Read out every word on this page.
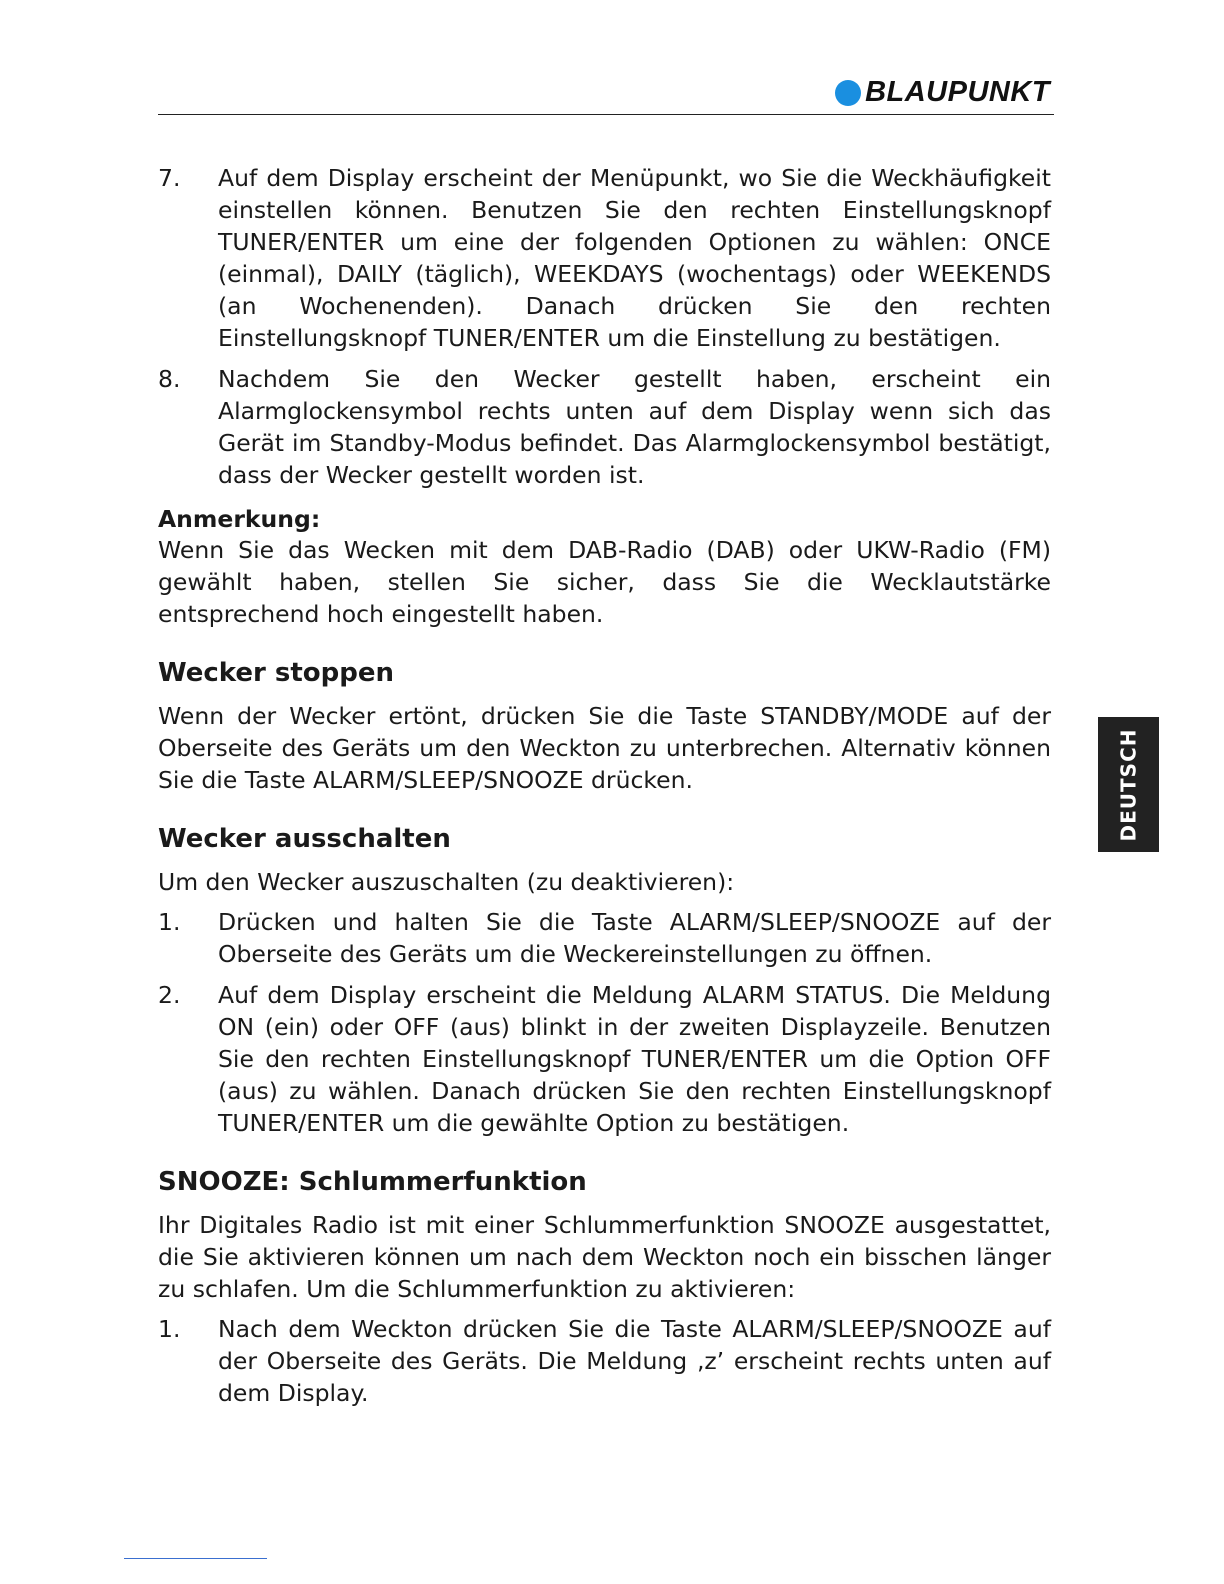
BLAUPUNKT
DEUTSCH
7.	Auf dem Display erscheint der Menüpunkt, wo Sie die Weckhäufigkeit einstellen können. Benutzen Sie den rechten Einstellungsknopf TUNER/ENTER um eine der folgenden Optionen zu wählen: ONCE (einmal), DAILY (täglich), WEEKDAYS (wochentags) oder WEEKENDS (an Wochenenden). Danach drücken Sie den rechten Einstellungsknopf TUNER/ENTER um die Einstellung zu bestätigen.
8.	Nachdem Sie den Wecker gestellt haben, erscheint ein Alarmglockensymbol rechts unten auf dem Display wenn sich das Gerät im Standby-Modus befindet. Das Alarmglockensymbol bestätigt, dass der Wecker gestellt worden ist.
Anmerkung:
Wenn Sie das Wecken mit dem DAB-Radio (DAB) oder UKW-Radio (FM) gewählt haben, stellen Sie sicher, dass Sie die Wecklautstärke entsprechend hoch eingestellt haben.
Wecker stoppen
Wenn der Wecker ertönt, drücken Sie die Taste STANDBY/MODE auf der Oberseite des Geräts um den Weckton zu unterbrechen. Alternativ können Sie die Taste ALARM/SLEEP/SNOOZE drücken.
Wecker ausschalten
Um den Wecker auszuschalten (zu deaktivieren):
1.	Drücken und halten Sie die Taste ALARM/SLEEP/SNOOZE auf der Oberseite des Geräts um die Weckereinstellungen zu öffnen.
2.	Auf dem Display erscheint die Meldung ALARM STATUS. Die Meldung ON (ein) oder OFF (aus) blinkt in der zweiten Displayzeile. Benutzen Sie den rechten Einstellungsknopf TUNER/ENTER um die Option OFF (aus) zu wählen. Danach drücken Sie den rechten Einstellungsknopf TUNER/ENTER um die gewählte Option zu bestätigen.
SNOOZE: Schlummerfunktion
Ihr Digitales Radio ist mit einer Schlummerfunktion SNOOZE ausgestattet, die Sie aktivieren können um nach dem Weckton noch ein bisschen länger zu schlafen. Um die Schlummerfunktion zu aktivieren:
1.	Nach dem Weckton drücken Sie die Taste ALARM/SLEEP/SNOOZE auf der Oberseite des Geräts. Die Meldung ‚z’ erscheint rechts unten auf dem Display.
